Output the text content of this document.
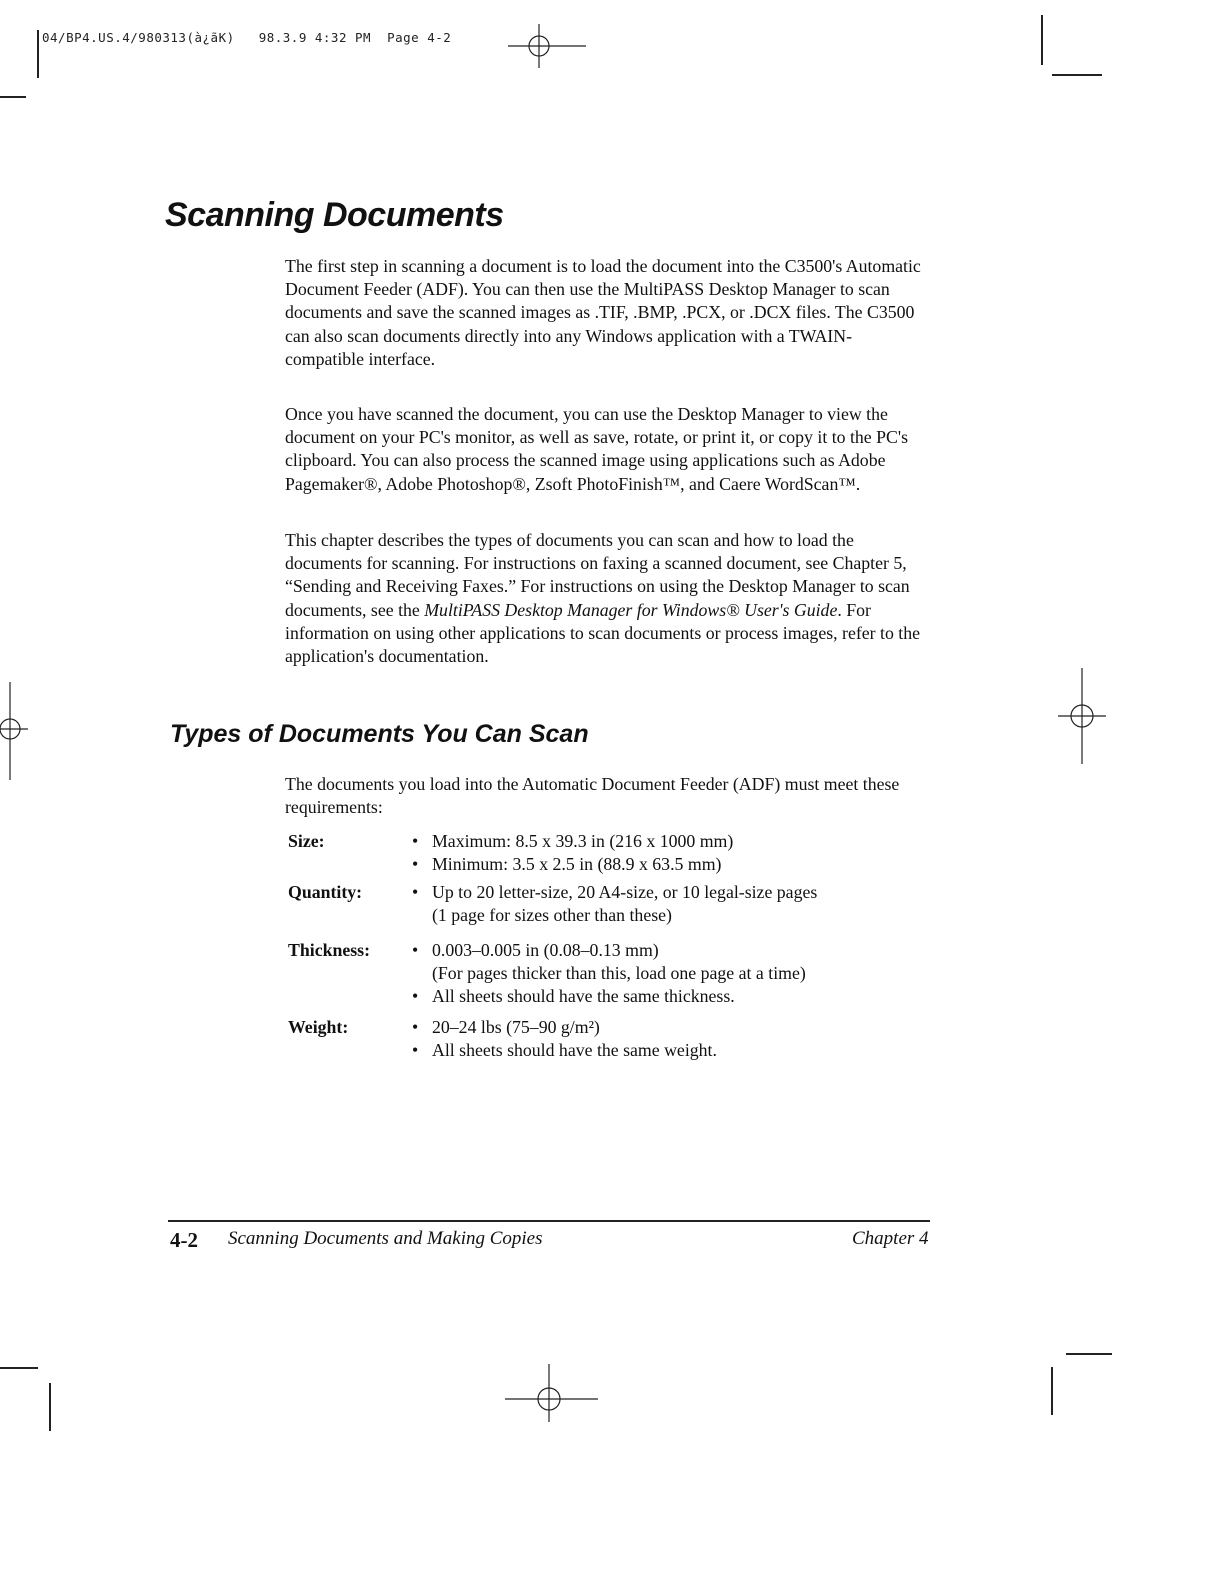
04/BP4.US.4/980313(à¿ãK)   98.3.9 4:32 PM  Page 4-2
Scanning Documents

The first step in scanning a document is to load the document into the C3500's Automatic Document Feeder (ADF). You can then use the MultiPASS Desktop Manager to scan documents and save the scanned images as .TIF, .BMP, .PCX, or .DCX files. The C3500 can also scan documents directly into any Windows application with a TWAIN-compatible interface.

Once you have scanned the document, you can use the Desktop Manager to view the document on your PC's monitor, as well as save, rotate, or print it, or copy it to the PC's clipboard. You can also process the scanned image using applications such as Adobe Pagemaker®, Adobe Photoshop®, Zsoft PhotoFinish™, and Caere WordScan™.

This chapter describes the types of documents you can scan and how to load the documents for scanning. For instructions on faxing a scanned document, see Chapter 5, “Sending and Receiving Faxes.” For instructions on using the Desktop Manager to scan documents, see the MultiPASS Desktop Manager for Windows® User's Guide. For information on using other applications to scan documents or process images, refer to the application's documentation.

Types of Documents You Can Scan

The documents you load into the Automatic Document Feeder (ADF) must meet these requirements:

Size:	• Maximum: 8.5 x 39.3 in (216 x 1000 mm)
• Minimum: 3.5 x 2.5 in (88.9 x 63.5 mm)
Quantity:	• Up to 20 letter-size, 20 A4-size, or 10 legal-size pages
(1 page for sizes other than these)
Thickness:	• 0.003–0.005 in (0.08–0.13 mm)
(For pages thicker than this, load one page at a time)
• All sheets should have the same thickness.
Weight:	• 20–24 lbs (75–90 g/m²)
• All sheets should have the same weight.
4-2 Scanning Documents and Making Copies	Chapter 4
